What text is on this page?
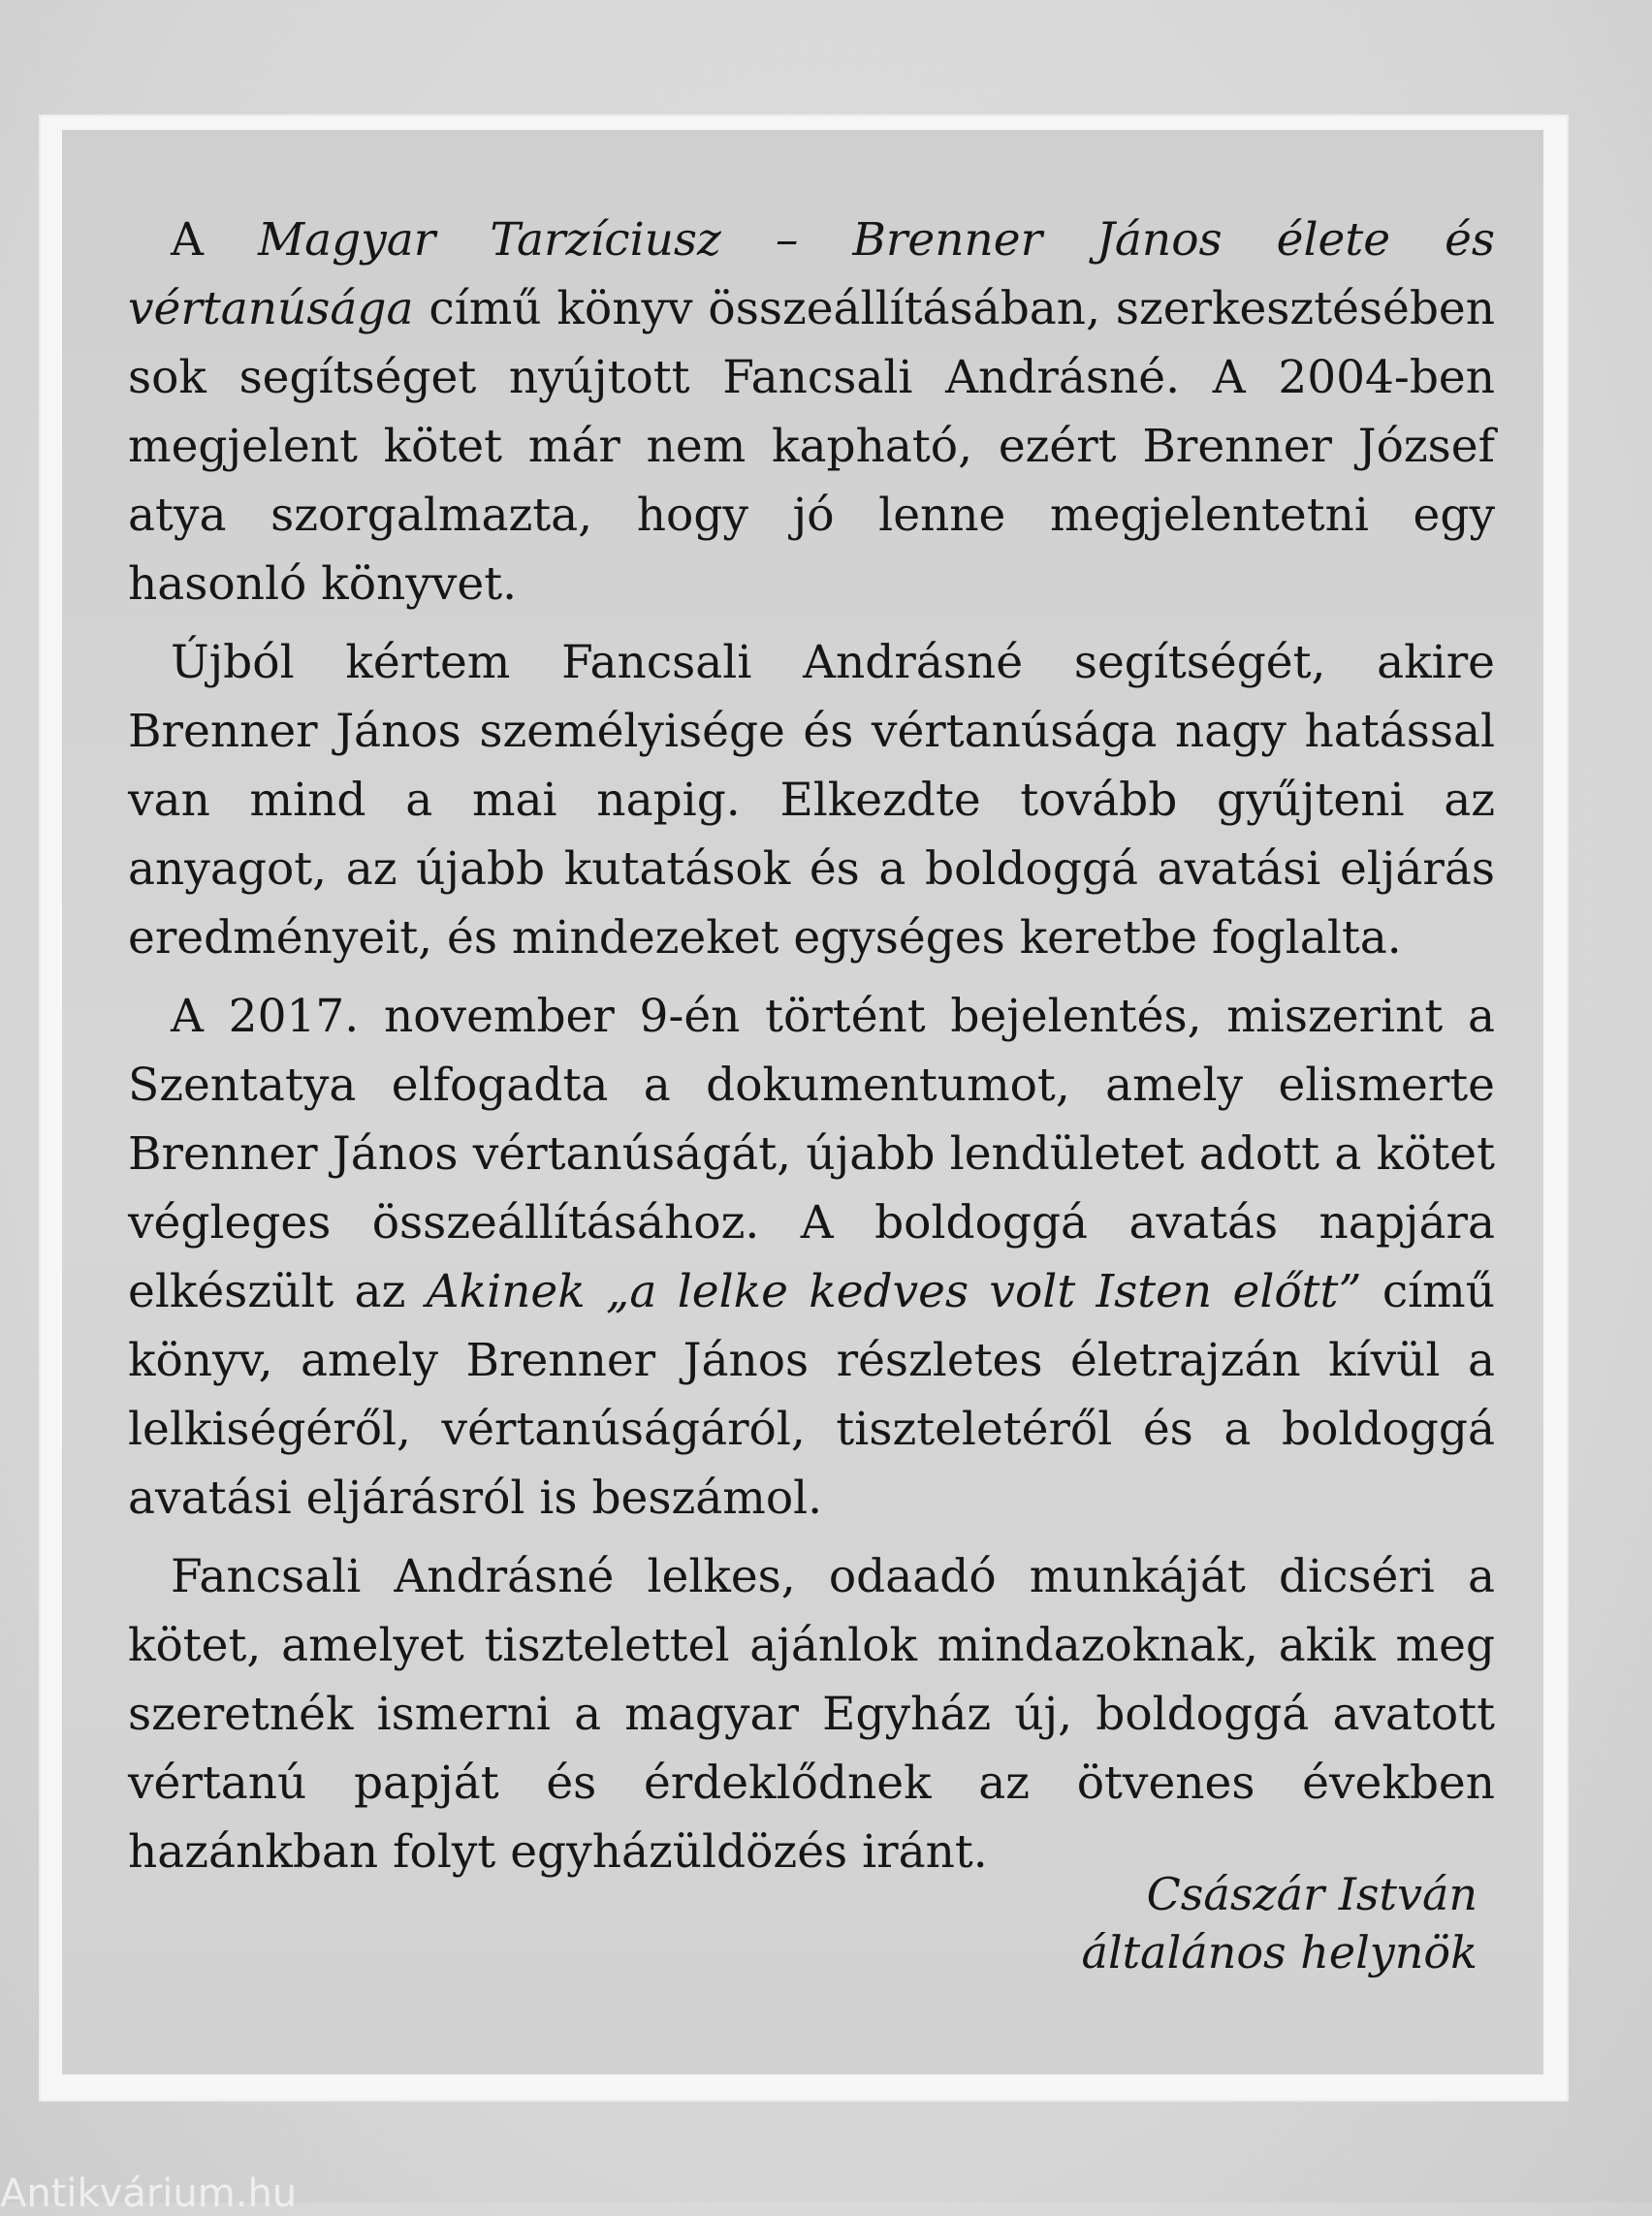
A Magyar Tarzíciusz – Brenner János élete és vértanúsága című könyv összeállításában, szerkesztésében sok segítséget nyújtott Fancsali Andrásné. A 2004-ben megjelent kötet már nem kapható, ezért Brenner József atya szorgalmazta, hogy jó lenne megjelentetni egy hasonló könyvet.

Újból kértem Fancsali Andrásné segítségét, akire Brenner János személyisége és vértanúsága nagy hatással van mind a mai napig. Elkezdte tovább gyűjteni az anyagot, az újabb kutatások és a boldoggá avatási eljárás eredményeit, és mindezeket egységes keretbe foglalta.

A 2017. november 9-én történt bejelentés, miszerint a Szentatya elfogadta a dokumentumot, amely elismerte Brenner János vértanúságát, újabb lendületet adott a kötet végleges összeállításához. A boldoggá avatás napjára elkészült az Akinek „a lelke kedves volt Isten előtt” című könyv, amely Brenner János részletes életrajzán kívül a lelkiségéről, vértanúságáról, tiszteletéről és a boldoggá avatási eljárásról is beszámol.

Fancsali Andrásné lelkes, odaadó munkáját dicséri a kötet, amelyet tisztelettel ajánlok mindazoknak, akik meg szeretnék ismerni a magyar Egyház új, boldoggá avatott vértanú papját és érdeklődnek az ötvenes években hazánkban folyt egyházüldözés iránt.

Császár István
általános helynök
Antikvárium.hu
